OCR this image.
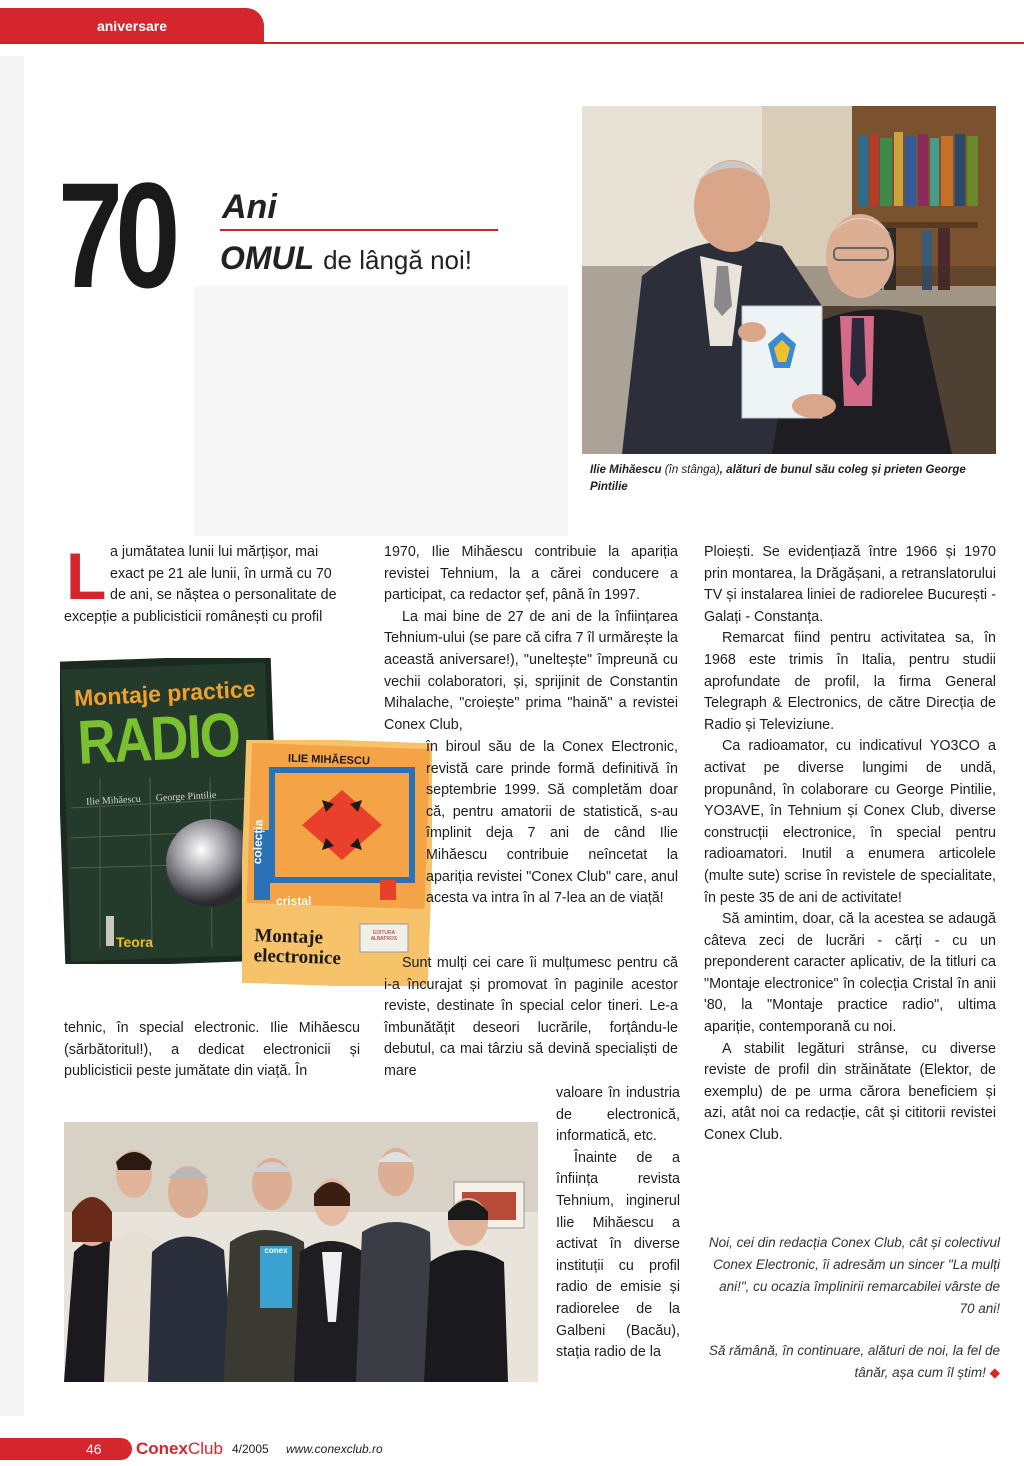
aniversare
70 Ani
OMUL de lângă noi!
Ilie Mihăescu (în stânga), alături de bunul său coleg și prieten George Pintilie
L a jumătatea lunii lui mărțișor, mai
exact pe 21 ale lunii, în urmă cu 70
de ani, se năștea o personalitate de
excepție a publicisticii românești cu profil
Montaje practice
RADIO
Ilie Mihăescu      George Pintilie
Teora
ILIE MIHĂESCU
colecția
cristal
Montaje electronice
EDITURA ALBATROS
tehnic, în special electronic. Ilie Mihăescu (sărbătoritul!), a dedicat electronicii și publicisticii peste jumătate din viață. În

1970, Ilie Mihăescu contribuie la apariția revistei Tehnium, la a cărei conducere a participat, ca redactor șef, până în 1997.

La mai bine de 27 de ani de la înființarea Tehnium-ului (se pare că cifra 7 îl urmărește la această aniversare!), "uneltește" împreună cu vechii colaboratori, și, sprijinit de Constantin Mihalache, "croiește" prima "haină" a revistei Conex Club,

în biroul său de la Conex Electronic, revistă care prinde formă definitivă în septembrie 1999. Să completăm doar că, pentru amatorii de statistică, s-au împlinit deja 7 ani de când Ilie Mihăescu contribuie neîncetat la apariția revistei "Conex Club" care, anul acesta va intra în al 7-lea an de viață!

Sunt mulți cei care îi mulțumesc pentru că i-a încurajat și promovat în paginile acestor reviste, destinate în special celor tineri. Le-a îmbunătățit deseori lucrările, forțându-le debutul, ca mai târziu să devină specialiști de mare

valoare în industria de electronică, informatică, etc.

Înainte de a înființa revista Tehnium, inginerul Ilie Mihăescu a activat în diverse instituții cu profil radio de emisie și radiorelee de la Galbeni (Bacău), stația radio de la

conex

Ploiești. Se evidențiază între 1966 și 1970 prin montarea, la Drăgășani, a retranslatorului TV și instalarea liniei de radiorelee București - Galați - Constanța.

Remarcat fiind pentru activitatea sa, în 1968 este trimis în Italia, pentru studii aprofundate de profil, la firma General Telegraph & Electronics, de către Direcția de Radio și Televiziune.

Ca radioamator, cu indicativul YO3CO a activat pe diverse lungimi de undă, propunând, în colaborare cu George Pintilie, YO3AVE, în Tehnium și Conex Club, diverse construcții electronice, în special pentru radioamatori. Inutil a enumera articolele (multe sute) scrise în revistele de specialitate, în peste 35 de ani de activitate!

Să amintim, doar, că la acestea se adaugă câteva zeci de lucrări - cărți - cu un preponderent caracter aplicativ, de la titluri ca "Montaje electronice" în colecția Cristal în anii '80, la "Montaje practice radio", ultima apariție, contemporană cu noi.

A stabilit legături strânse, cu diverse reviste de profil din străinătate (Elektor, de exemplu) de pe urma cărora beneficiem și azi, atât noi ca redacție, cât și cititorii revistei Conex Club.

Noi, cei din redacția Conex Club, cât și colectivul Conex Electronic, îi adresăm un sincer "La mulți ani!", cu ocazia împlinirii remarcabilei vârste de 70 ani!
Să rămână, în continuare, alături de noi, la fel de tânăr, așa cum îl știm! ◆
46 ConexClub 4/2005 www.conexclub.ro
